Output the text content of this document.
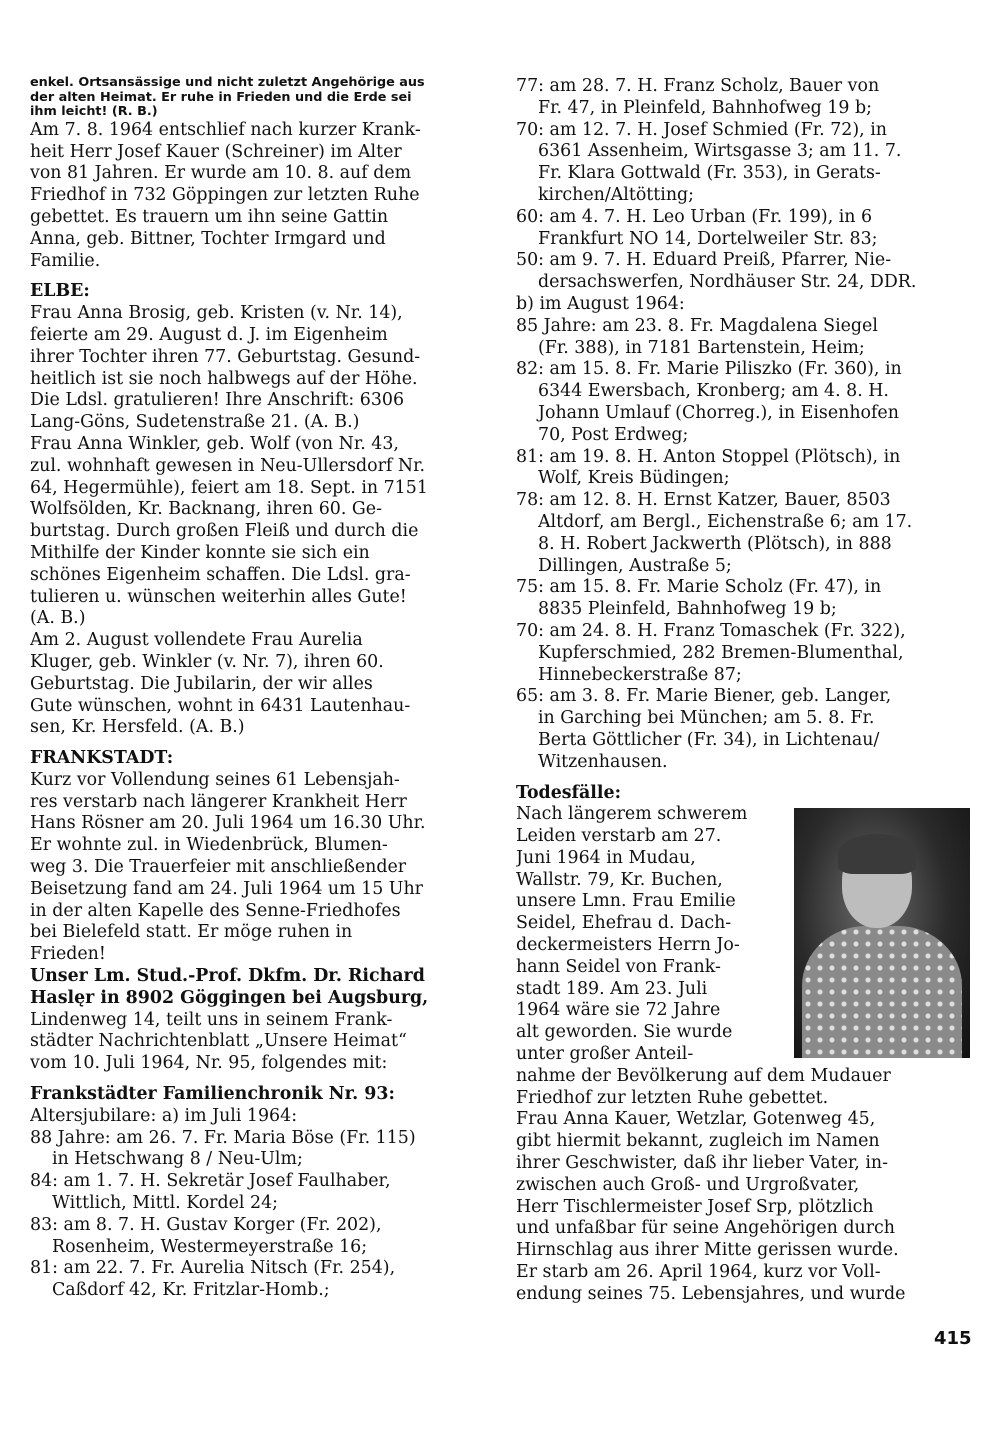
enkel. Ortsansässige und nicht zuletzt Angehörige aus
der alten Heimat. Er ruhe in Frieden und die Erde sei
ihm leicht! (R. B.)
Am 7. 8. 1964 entschlief nach kurzer Krank-
heit Herr Josef Kauer (Schreiner) im Alter
von 81 Jahren. Er wurde am 10. 8. auf dem
Friedhof in 732 Göppingen zur letzten Ruhe
gebettet. Es trauern um ihn seine Gattin
Anna, geb. Bittner, Tochter Irmgard und
Familie.
ELBE:
Frau Anna Brosig, geb. Kristen (v. Nr. 14),
feierte am 29. August d. J. im Eigenheim
ihrer Tochter ihren 77. Geburtstag. Gesund-
heitlich ist sie noch halbwegs auf der Höhe.
Die Ldsl. gratulieren! Ihre Anschrift: 6306
Lang-Göns, Sudetenstraße 21. (A. B.)
Frau Anna Winkler, geb. Wolf (von Nr. 43,
zul. wohnhaft gewesen in Neu-Ullersdorf Nr.
64, Hegermühle), feiert am 18. Sept. in 7151
Wolfsölden, Kr. Backnang, ihren 60. Ge-
burtstag. Durch großen Fleiß und durch die
Mithilfe der Kinder konnte sie sich ein
schönes Eigenheim schaffen. Die Ldsl. gra-
tulieren u. wünschen weiterhin alles Gute!
(A. B.)
Am 2. August vollendete Frau Aurelia
Kluger, geb. Winkler (v. Nr. 7), ihren 60.
Geburtstag. Die Jubilarin, der wir alles
Gute wünschen, wohnt in 6431 Lautenhau-
sen, Kr. Hersfeld. (A. B.)
FRANKSTADT:
Kurz vor Vollendung seines 61 Lebensjah-
res verstarb nach längerer Krankheit Herr
Hans Rösner am 20. Juli 1964 um 16.30 Uhr.
Er wohnte zul. in Wiedenbrück, Blumen-
weg 3. Die Trauerfeier mit anschließender
Beisetzung fand am 24. Juli 1964 um 15 Uhr
in der alten Kapelle des Senne-Friedhofes
bei Bielefeld statt. Er möge ruhen in
Frieden!
Unser Lm. Stud.-Prof. Dkfm. Dr. Richard
Haslęr in 8902 Göggingen bei Augsburg,
Lindenweg 14, teilt uns in seinem Frank-
städter Nachrichtenblatt „Unsere Heimat“
vom 10. Juli 1964, Nr. 95, folgendes mit:
Frankstädter Familienchronik Nr. 93:
Altersjubilare: a) im Juli 1964:
88 Jahre: am 26. 7. Fr. Maria Böse (Fr. 115)
in Hetschwang 8 / Neu-Ulm;
84: am 1. 7. H. Sekretär Josef Faulhaber,
Wittlich, Mittl. Kordel 24;
83: am 8. 7. H. Gustav Korger (Fr. 202),
Rosenheim, Westermeyerstraße 16;
81: am 22. 7. Fr. Aurelia Nitsch (Fr. 254),
Caßdorf 42, Kr. Fritzlar-Homb.;
77: am 28. 7. H. Franz Scholz, Bauer von
Fr. 47, in Pleinfeld, Bahnhofweg 19 b;
70: am 12. 7. H. Josef Schmied (Fr. 72), in
6361 Assenheim, Wirtsgasse 3; am 11. 7.
Fr. Klara Gottwald (Fr. 353), in Gerats-
kirchen/Altötting;
60: am 4. 7. H. Leo Urban (Fr. 199), in 6
Frankfurt NO 14, Dortelweiler Str. 83;
50: am 9. 7. H. Eduard Preiß, Pfarrer, Nie-
dersachswerfen, Nordhäuser Str. 24, DDR.
b) im August 1964:
85 Jahre: am 23. 8. Fr. Magdalena Siegel
(Fr. 388), in 7181 Bartenstein, Heim;
82: am 15. 8. Fr. Marie Piliszko (Fr. 360), in
6344 Ewersbach, Kronberg; am 4. 8. H.
Johann Umlauf (Chorreg.), in Eisenhofen
70, Post Erdweg;
81: am 19. 8. H. Anton Stoppel (Plötsch), in
Wolf, Kreis Büdingen;
78: am 12. 8. H. Ernst Katzer, Bauer, 8503
Altdorf, am Bergl., Eichenstraße 6; am 17.
8. H. Robert Jackwerth (Plötsch), in 888
Dillingen, Austraße 5;
75: am 15. 8. Fr. Marie Scholz (Fr. 47), in
8835 Pleinfeld, Bahnhofweg 19 b;
70: am 24. 8. H. Franz Tomaschek (Fr. 322),
Kupferschmied, 282 Bremen-Blumenthal,
Hinnebeckerstraße 87;
65: am 3. 8. Fr. Marie Biener, geb. Langer,
in Garching bei München; am 5. 8. Fr.
Berta Göttlicher (Fr. 34), in Lichtenau/
Witzenhausen.
Todesfälle:
Nach längerem schwerem
Leiden verstarb am 27.
Juni 1964 in Mudau,
Wallstr. 79, Kr. Buchen,
unsere Lmn. Frau Emilie
Seidel, Ehefrau d. Dach-
deckermeisters Herrn Jo-
hann Seidel von Frank-
stadt 189. Am 23. Juli
1964 wäre sie 72 Jahre
alt geworden. Sie wurde
unter großer Anteil-
nahme der Bevölkerung auf dem Mudauer
Friedhof zur letzten Ruhe gebettet.
Frau Anna Kauer, Wetzlar, Gotenweg 45,
gibt hiermit bekannt, zugleich im Namen
ihrer Geschwister, daß ihr lieber Vater, in-
zwischen auch Groß- und Urgroßvater,
Herr Tischlermeister Josef Srp, plötzlich
und unfaßbar für seine Angehörigen durch
Hirnschlag aus ihrer Mitte gerissen wurde.
Er starb am 26. April 1964, kurz vor Voll-
endung seines 75. Lebensjahres, und wurde
415
